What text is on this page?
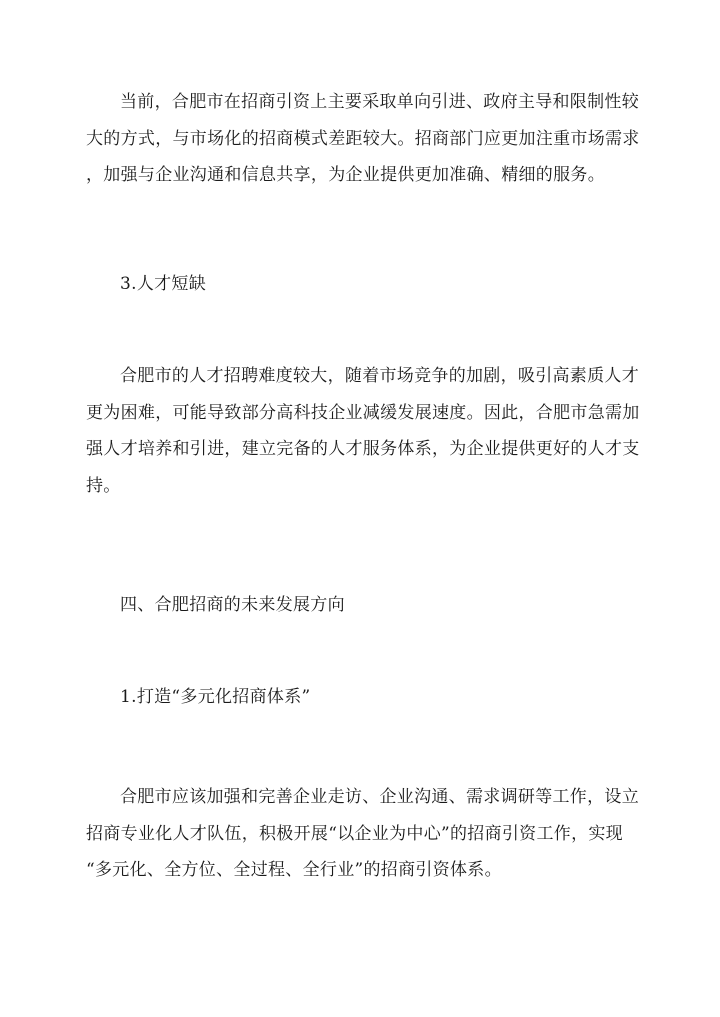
当前，合肥市在招商引资上主要采取单向引进、政府主导和限制性较
大的方式，与市场化的招商模式差距较大。招商部门应更加注重市场需求
，加强与企业沟通和信息共享，为企业提供更加准确、精细的服务。

3.人才短缺

合肥市的人才招聘难度较大，随着市场竞争的加剧，吸引高素质人才
更为困难，可能导致部分高科技企业减缓发展速度。因此，合肥市急需加
强人才培养和引进，建立完备的人才服务体系，为企业提供更好的人才支
持。

四、合肥招商的未来发展方向

1.打造“多元化招商体系”

合肥市应该加强和完善企业走访、企业沟通、需求调研等工作，设立
招商专业化人才队伍，积极开展“以企业为中心”的招商引资工作，实现
“多元化、全方位、全过程、全行业”的招商引资体系。
